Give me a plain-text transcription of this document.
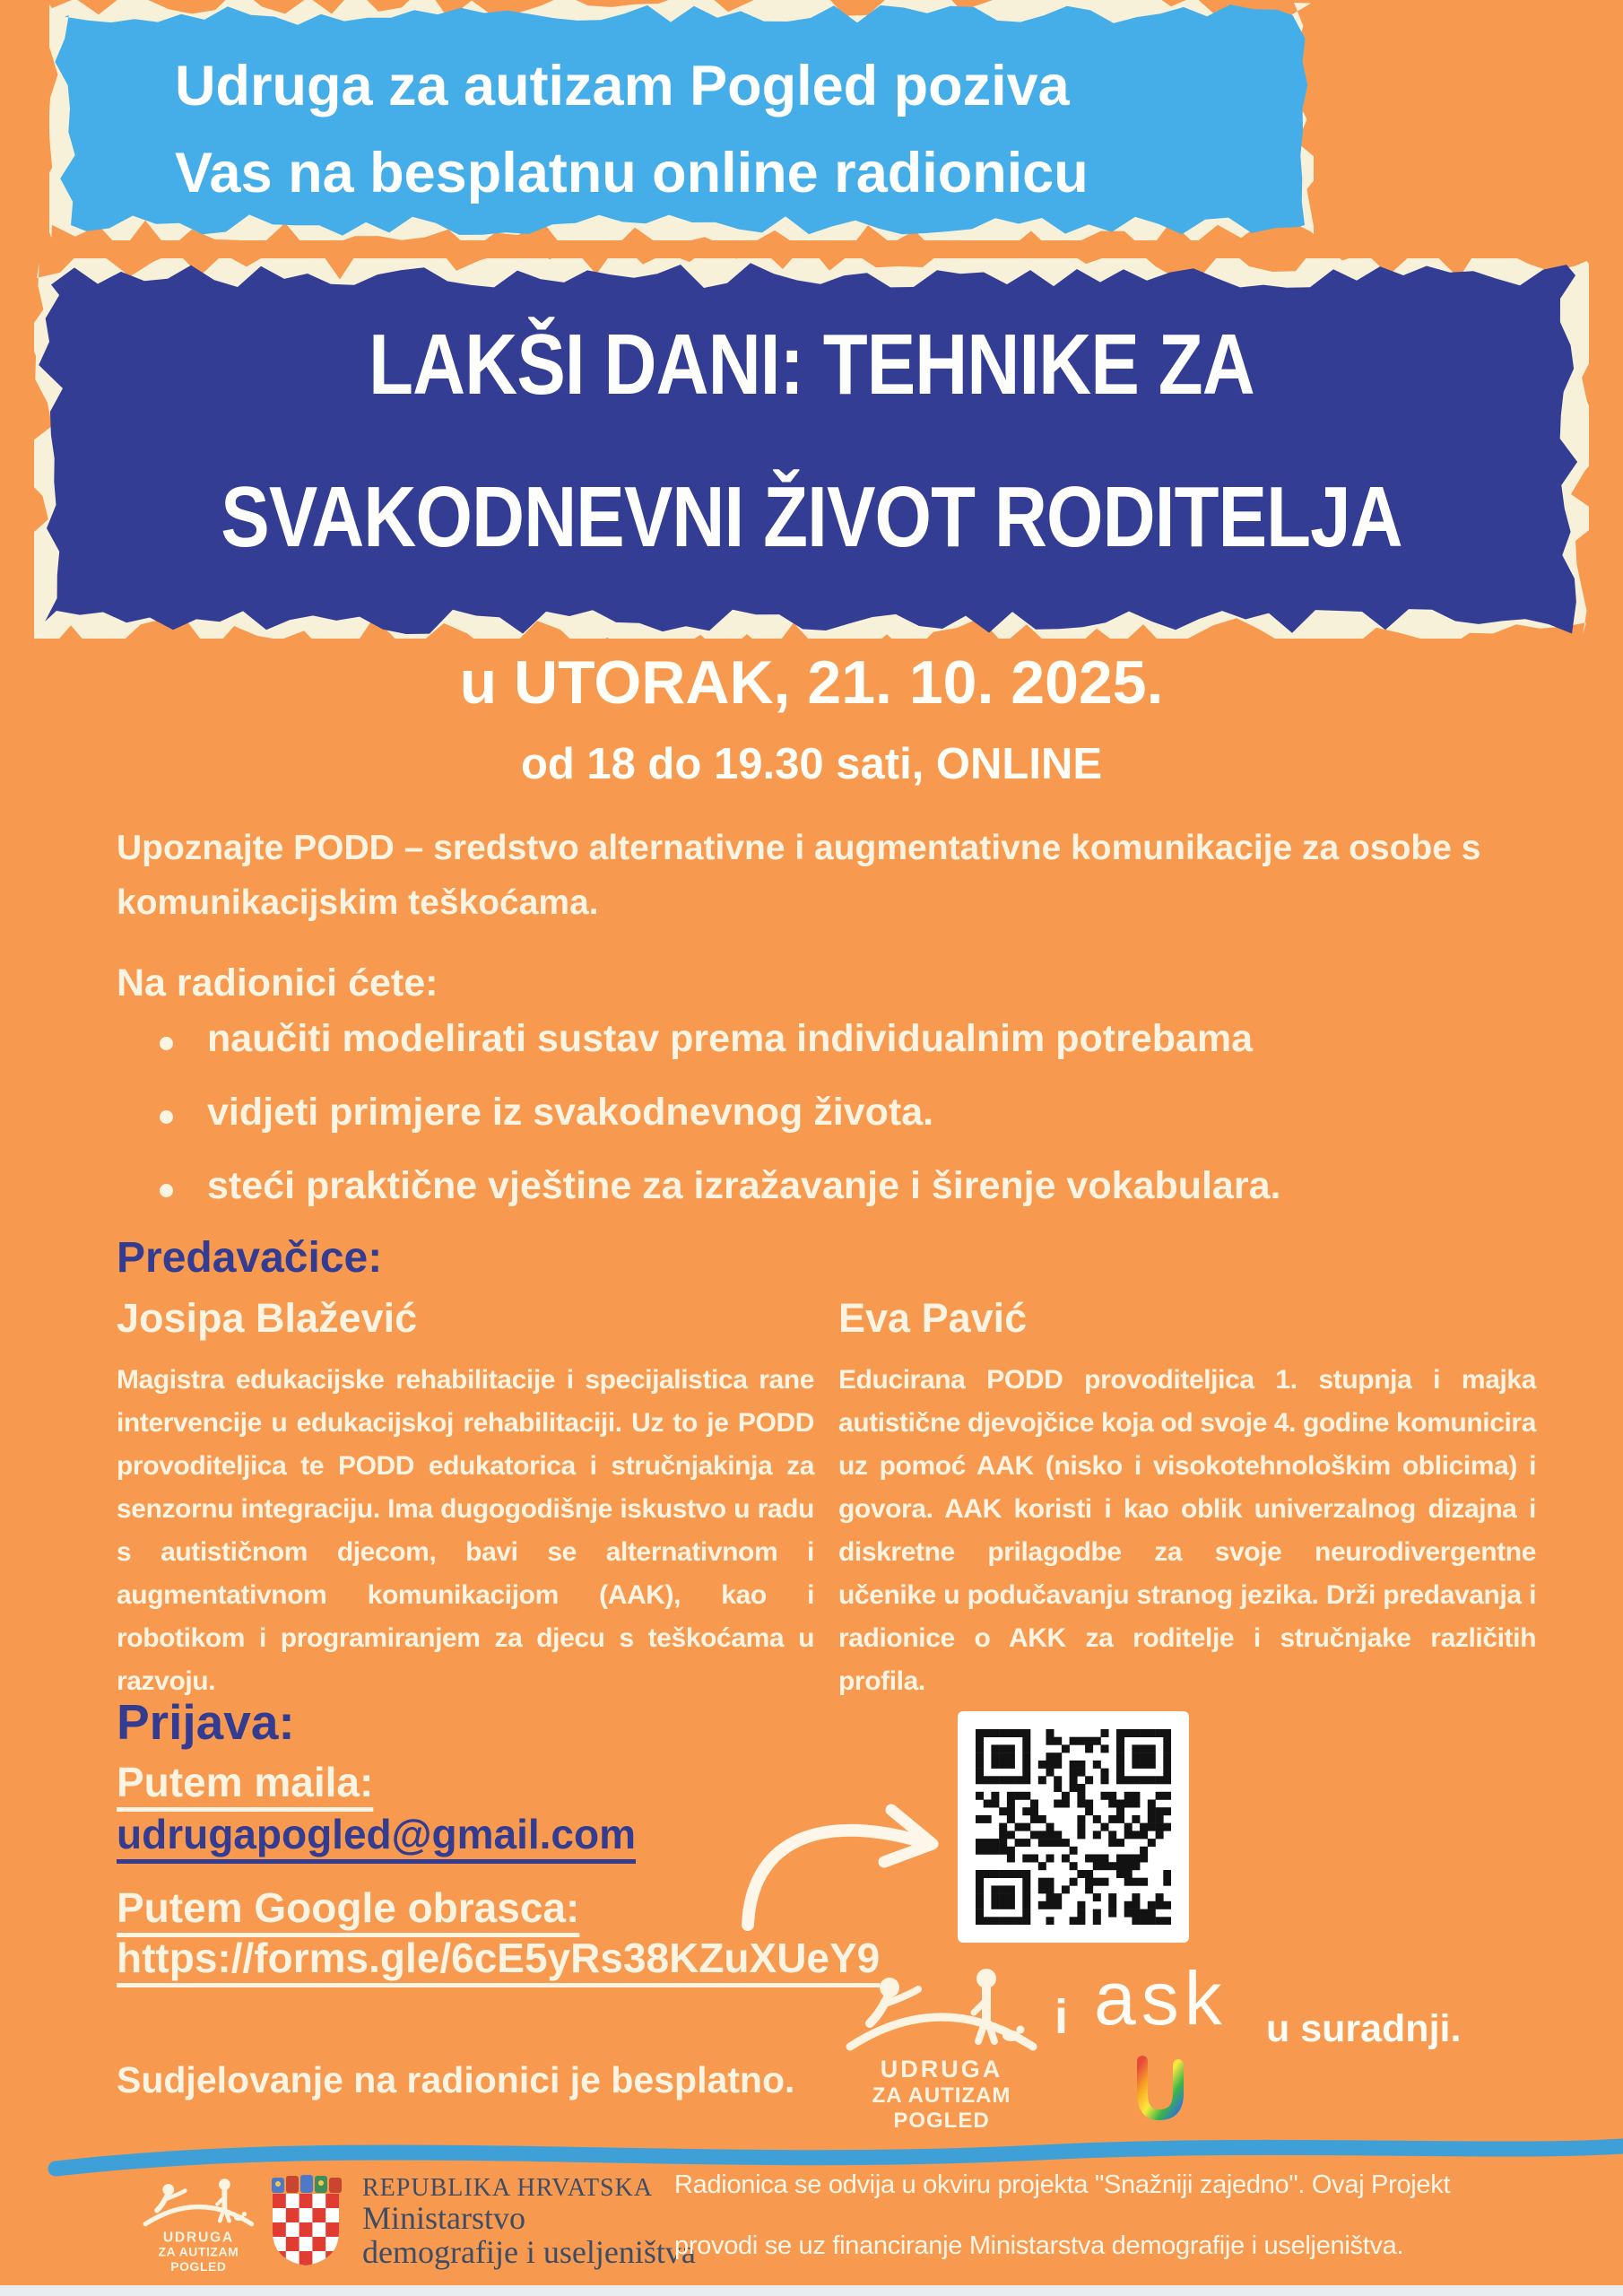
Udruga za autizam Pogled poziva
Vas na besplatnu online radionicu
LAKŠI DANI: TEHNIKE ZA
SVAKODNEVNI ŽIVOT RODITELJA
u UTORAK, 21. 10. 2025.
od 18 do 19.30 sati, ONLINE
Upoznajte PODD – sredstvo alternativne i augmentativne komunikacije za osobe s komunikacijskim teškoćama.
Na radionici ćete:
naučiti modelirati sustav prema individualnim potrebama
vidjeti primjere iz svakodnevnog života.
steći praktične vještine za izražavanje i širenje vokabulara.
Predavačice:
Josipa Blažević	Eva Pavić
Magistra edukacijske rehabilitacije i specijalistica rane intervencije u edukacijskoj rehabilitaciji. Uz to je PODD provoditeljica te PODD edukatorica i stručnjakinja za senzornu integraciju. Ima dugogodišnje iskustvo u radu s autističnom djecom, bavi se alternativnom i augmentativnom komunikacijom (AAK), kao i robotikom i programiranjem za djecu s teškoćama u razvoju.
Educirana PODD provoditeljica 1. stupnja i majka autistične djevojčice koja od svoje 4. godine komunicira uz pomoć AAK (nisko i visokotehnološkim oblicima) i govora. AAK koristi i kao oblik univerzalnog dizajna i diskretne prilagodbe za svoje neurodivergentne učenike u podučavanju stranog jezika. Drži predavanja i radionice o AKK za roditelje i stručnjake različitih profila.
Prijava:
Putem maila:
udrugapogled@gmail.com
Putem Google obrasca:
https://forms.gle/6cE5yRs38KZuXUeY9
Sudjelovanje na radionici je besplatno.	UDRUGA
ZA AUTIZAM POGLED
i ask u suradnji.
UDRUGA
ZA AUTIZAM POGLED
REPUBLIKA HRVATSKA
Ministarstvo
demografije i useljeništva
Radionica se odvija u okviru projekta "Snažniji zajedno". Ovaj Projekt
provodi se uz financiranje Ministarstva demografije i useljeništva.
